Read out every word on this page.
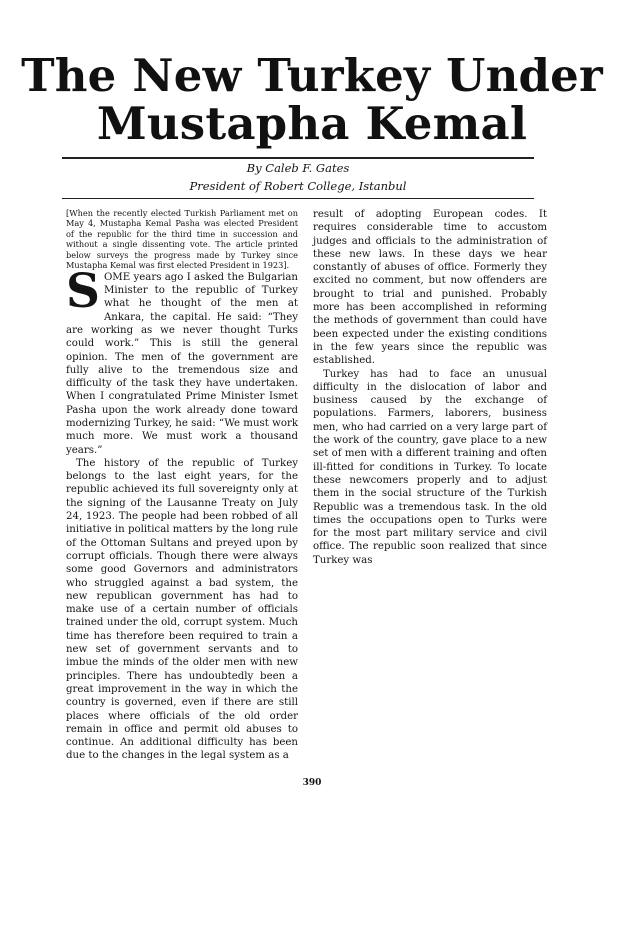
The New Turkey Under
Mustapha Kemal
By Caleb F. Gates
President of Robert College, Istanbul

[When the recently elected Turkish Parliament met on May 4, Mustapha Kemal Pasha was elected President of the republic for the third time in succession and without a single dissenting vote. The article printed below surveys the progress made by Turkey since Mustapha Kemal was first elected President in 1923].

SOME years ago I asked the Bulgarian Minister to the republic of Turkey what he thought of the men at Ankara, the capital. He said: “They are working as we never thought Turks could work.” This is still the general opinion. The men of the government are fully alive to the tremendous size and difficulty of the task they have undertaken. When I congratulated Prime Minister Ismet Pasha upon the work already done toward modernizing Turkey, he said: “We must work much more. We must work a thousand years.”

The history of the republic of Turkey belongs to the last eight years, for the republic achieved its full sovereignty only at the signing of the Lausanne Treaty on July 24, 1923. The people had been robbed of all initiative in political matters by the long rule of the Ottoman Sultans and preyed upon by corrupt officials. Though there were always some good Governors and administrators who struggled against a bad system, the new republican government has had to make use of a certain number of officials trained under the old, corrupt system. Much time has therefore been required to train a new set of government servants and to imbue the minds of the older men with new principles. There has undoubtedly been a great improvement in the way in which the country is governed, even if there are still places where officials of the old order remain in office and permit old abuses to continue. An additional difficulty has been due to the changes in the legal system as a

result of adopting European codes. It requires considerable time to accustom judges and officials to the administration of these new laws. In these days we hear constantly of abuses of office. Formerly they excited no comment, but now offenders are brought to trial and punished. Probably more has been accomplished in reforming the methods of government than could have been expected under the existing conditions in the few years since the republic was established.

Turkey has had to face an unusual difficulty in the dislocation of labor and business caused by the exchange of populations. Farmers, laborers, business men, who had carried on a very large part of the work of the country, gave place to a new set of men with a different training and often ill-fitted for conditions in Turkey. To locate these newcomers properly and to adjust them in the social structure of the Turkish Republic was a tremendous task. In the old times the occupations open to Turks were for the most part military service and civil office. The republic soon realized that since Turkey was

390
